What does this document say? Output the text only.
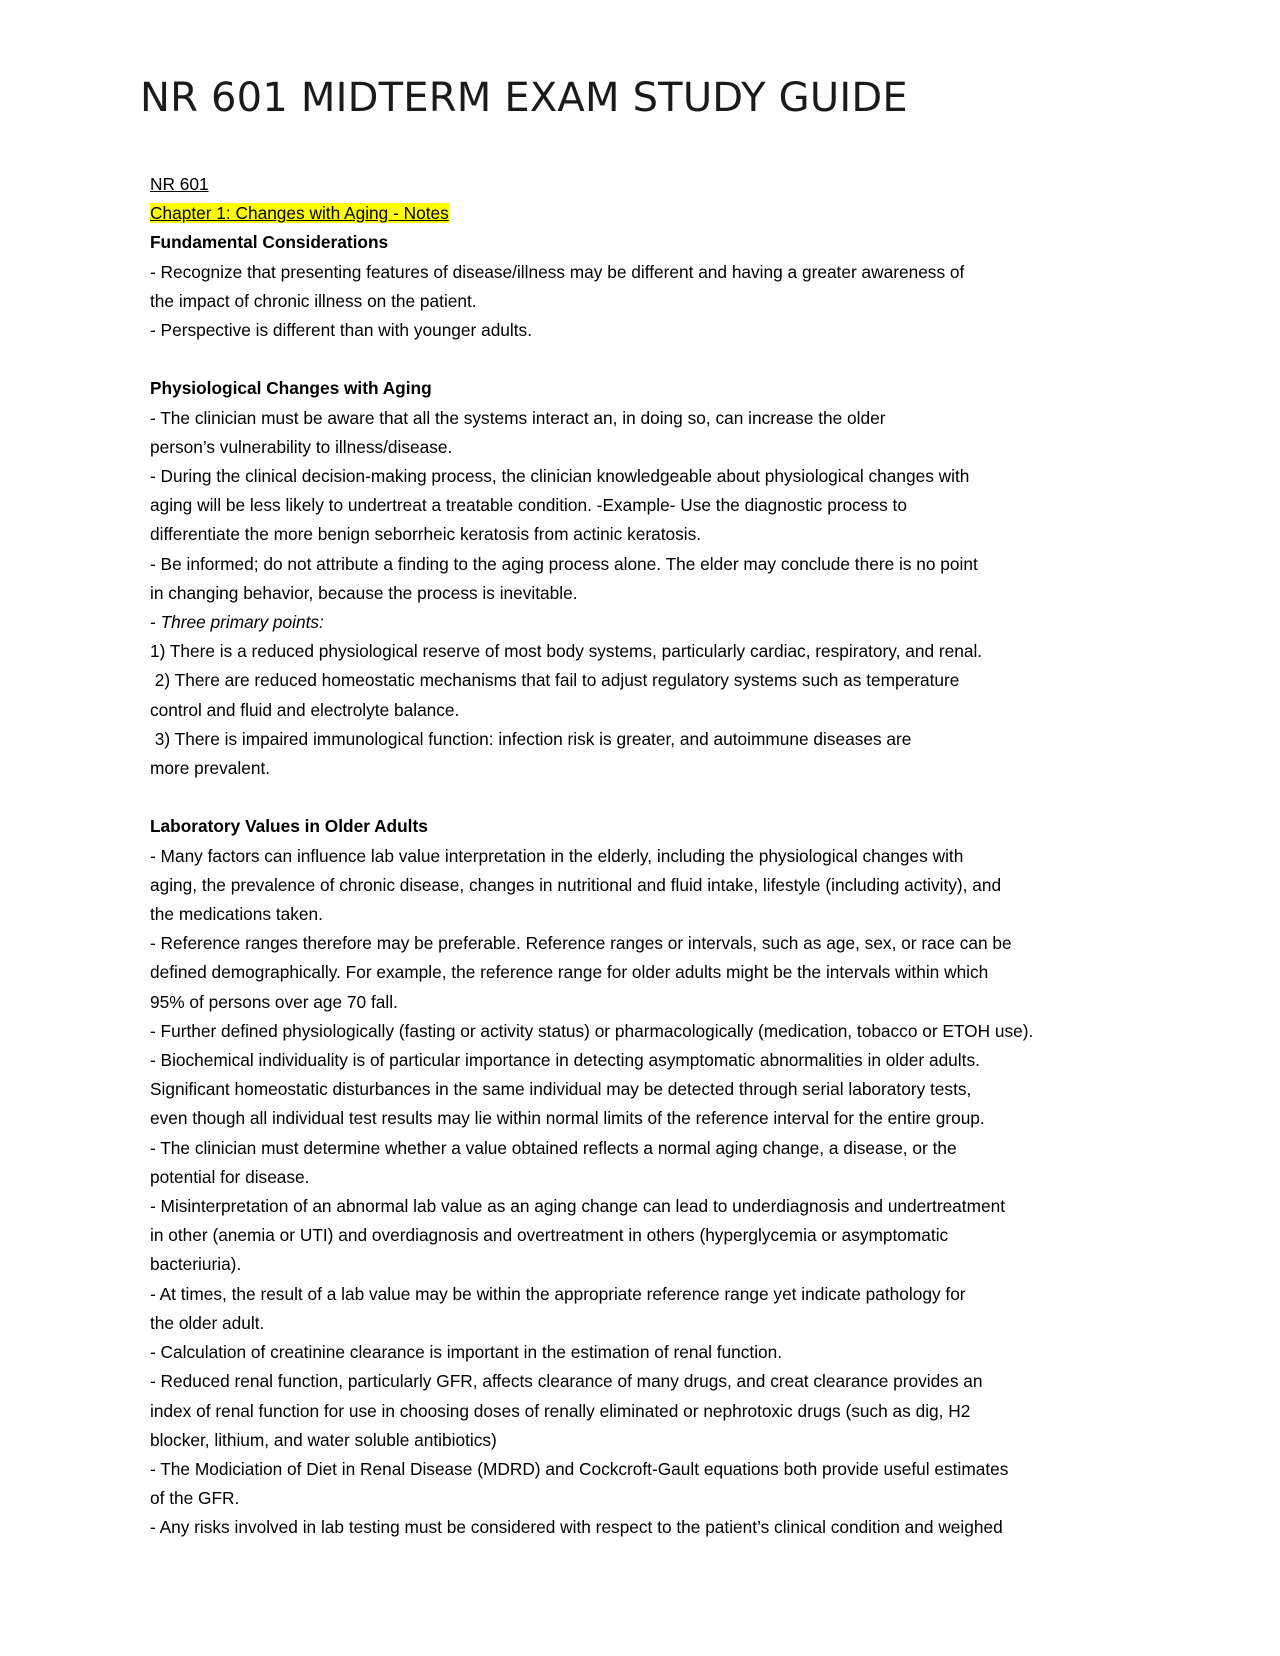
NR 601 MIDTERM EXAM STUDY GUIDE

NR 601

Chapter 1: Changes with Aging - Notes

Fundamental Considerations

- Recognize that presenting features of disease/illness may be different and having a greater awareness of

the impact of chronic illness on the patient.

- Perspective is different than with younger adults.

Physiological Changes with Aging

- The clinician must be aware that all the systems interact an, in doing so, can increase the older

person’s vulnerability to illness/disease.

- During the clinical decision-making process, the clinician knowledgeable about physiological changes with

aging will be less likely to undertreat a treatable condition. -Example- Use the diagnostic process to

differentiate the more benign seborrheic keratosis from actinic keratosis.

- Be informed; do not attribute a finding to the aging process alone. The elder may conclude there is no point

in changing behavior, because the process is inevitable.

- Three primary points:

1) There is a reduced physiological reserve of most body systems, particularly cardiac, respiratory, and renal.

2) There are reduced homeostatic mechanisms that fail to adjust regulatory systems such as temperature

control and fluid and electrolyte balance.

3) There is impaired immunological function: infection risk is greater, and autoimmune diseases are

more prevalent.

Laboratory Values in Older Adults

- Many factors can influence lab value interpretation in the elderly, including the physiological changes with

aging, the prevalence of chronic disease, changes in nutritional and fluid intake, lifestyle (including activity), and

the medications taken.

- Reference ranges therefore may be preferable. Reference ranges or intervals, such as age, sex, or race can be

defined demographically. For example, the reference range for older adults might be the intervals within which

95% of persons over age 70 fall.

- Further defined physiologically (fasting or activity status) or pharmacologically (medication, tobacco or ETOH use).

- Biochemical individuality is of particular importance in detecting asymptomatic abnormalities in older adults.

Significant homeostatic disturbances in the same individual may be detected through serial laboratory tests,

even though all individual test results may lie within normal limits of the reference interval for the entire group.

- The clinician must determine whether a value obtained reflects a normal aging change, a disease, or the

potential for disease.

- Misinterpretation of an abnormal lab value as an aging change can lead to underdiagnosis and undertreatment

in other (anemia or UTI) and overdiagnosis and overtreatment in others (hyperglycemia or asymptomatic

bacteriuria).

- At times, the result of a lab value may be within the appropriate reference range yet indicate pathology for

the older adult.

- Calculation of creatinine clearance is important in the estimation of renal function.

- Reduced renal function, particularly GFR, affects clearance of many drugs, and creat clearance provides an

index of renal function for use in choosing doses of renally eliminated or nephrotoxic drugs (such as dig, H2

blocker, lithium, and water soluble antibiotics)

- The Modiciation of Diet in Renal Disease (MDRD) and Cockcroft-Gault equations both provide useful estimates

of the GFR.

- Any risks involved in lab testing must be considered with respect to the patient’s clinical condition and weighed
